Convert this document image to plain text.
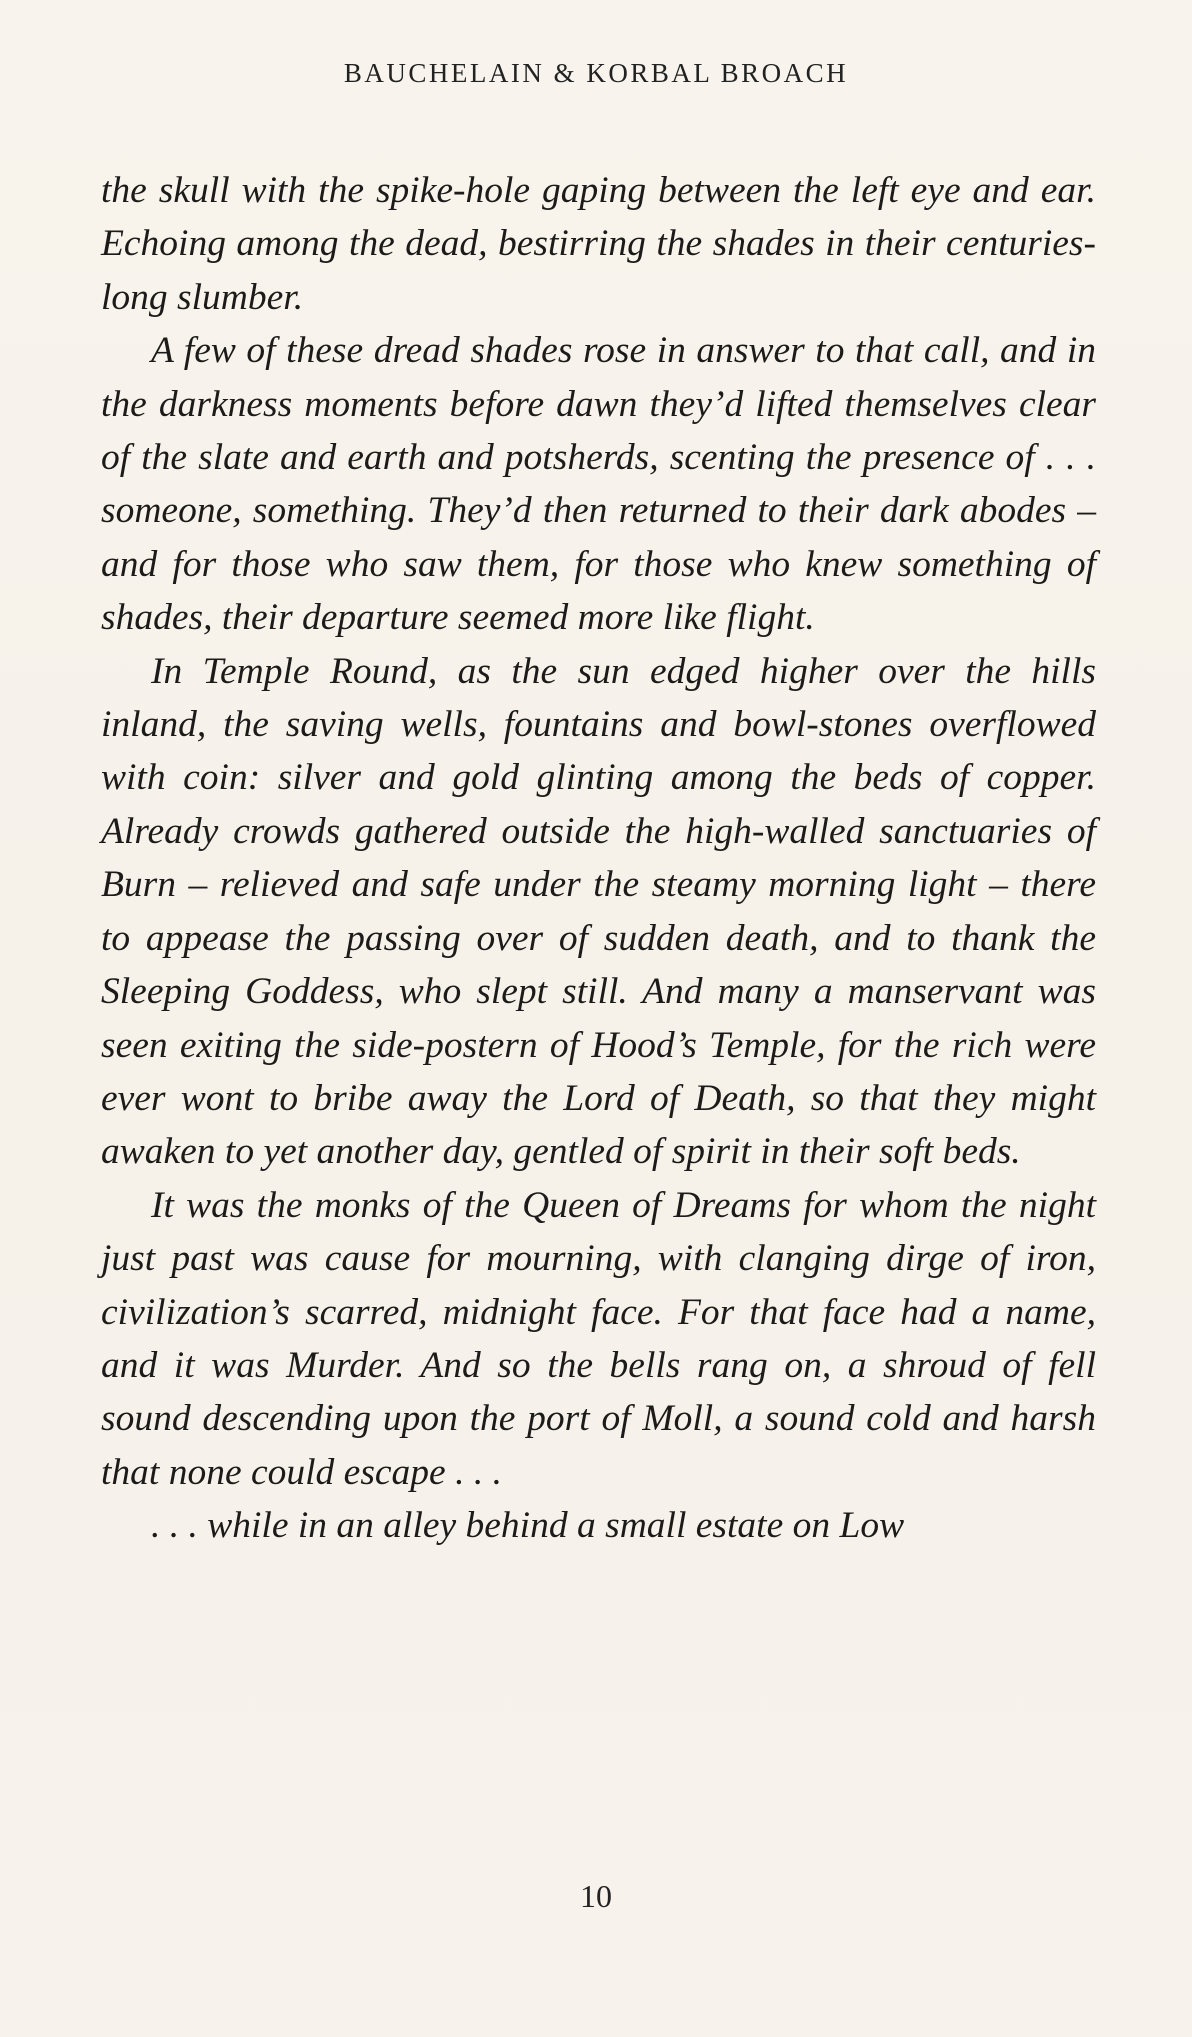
BAUCHELAIN & KORBAL BROACH

the skull with the spike-hole gaping between the left eye and ear. Echoing among the dead, bestirring the shades in their centuries-long slumber.

A few of these dread shades rose in answer to that call, and in the darkness moments before dawn they’d lifted themselves clear of the slate and earth and potsherds, scenting the presence of . . . someone, something. They’d then returned to their dark abodes – and for those who saw them, for those who knew something of shades, their departure seemed more like flight.

In Temple Round, as the sun edged higher over the hills inland, the saving wells, fountains and bowl-stones overflowed with coin: silver and gold glinting among the beds of copper. Already crowds gathered outside the high-walled sanctuaries of Burn – relieved and safe under the steamy morning light – there to appease the passing over of sudden death, and to thank the Sleeping Goddess, who slept still. And many a manservant was seen exiting the side-postern of Hood’s Temple, for the rich were ever wont to bribe away the Lord of Death, so that they might awaken to yet another day, gentled of spirit in their soft beds.

It was the monks of the Queen of Dreams for whom the night just past was cause for mourning, with clanging dirge of iron, civilization’s scarred, midnight face. For that face had a name, and it was Murder. And so the bells rang on, a shroud of fell sound descending upon the port of Moll, a sound cold and harsh that none could escape . . .

. . . while in an alley behind a small estate on Low

10
